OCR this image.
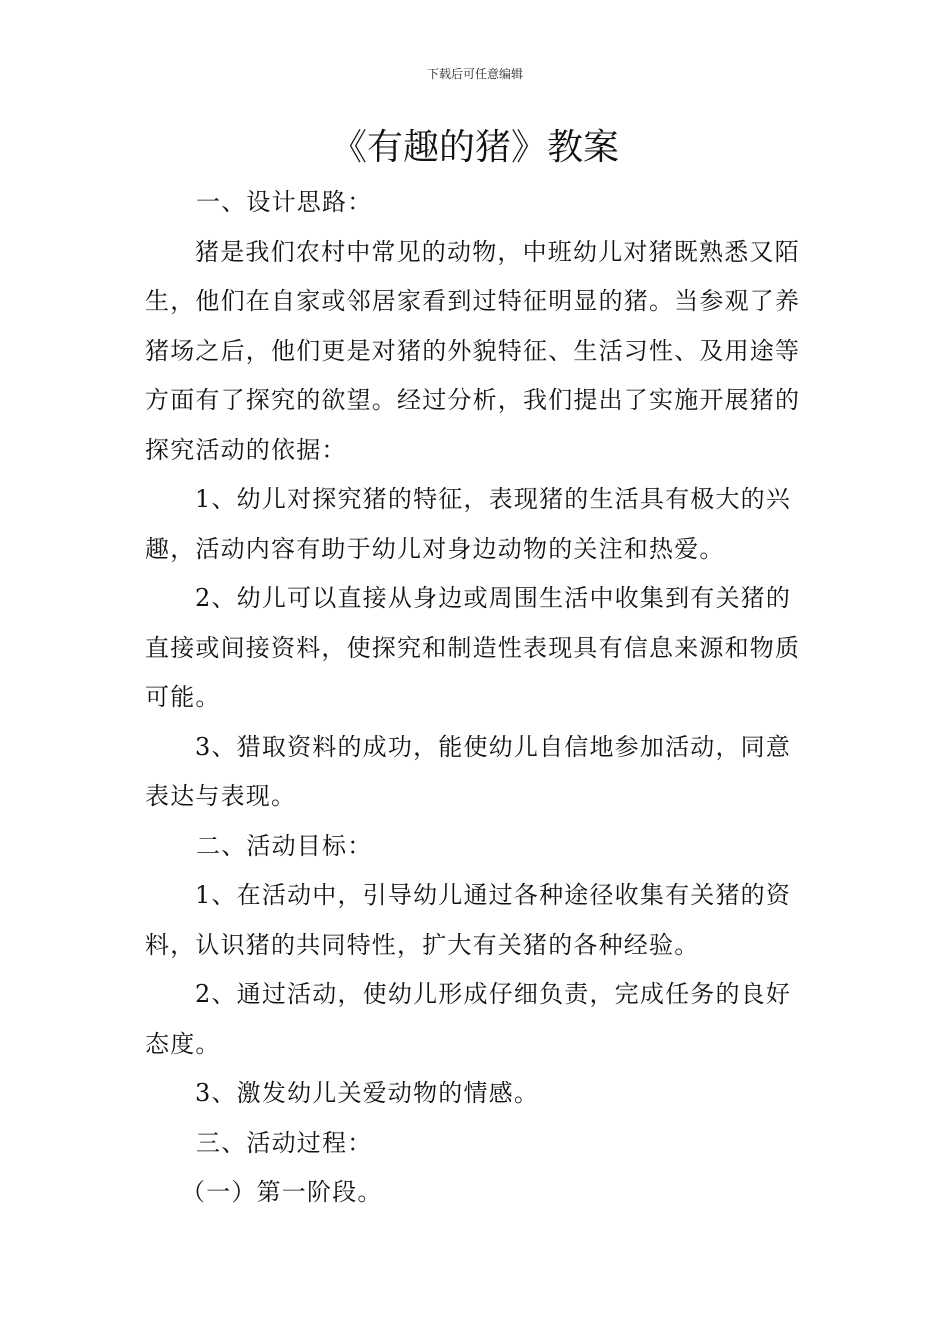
下载后可任意编辑
《有趣的猪》教案

一、设计思路：

猪是我们农村中常见的动物，中班幼儿对猪既熟悉又陌生，他们在自家或邻居家看到过特征明显的猪。当参观了养猪场之后，他们更是对猪的外貌特征、生活习性、及用途等方面有了探究的欲望。经过分析，我们提出了实施开展猪的探究活动的依据：

1、幼儿对探究猪的特征，表现猪的生活具有极大的兴趣，活动内容有助于幼儿对身边动物的关注和热爱。

2、幼儿可以直接从身边或周围生活中收集到有关猪的直接或间接资料，使探究和制造性表现具有信息来源和物质可能。

3、猎取资料的成功，能使幼儿自信地参加活动，同意表达与表现。

二、活动目标：

1、在活动中，引导幼儿通过各种途径收集有关猪的资料，认识猪的共同特性，扩大有关猪的各种经验。

2、通过活动，使幼儿形成仔细负责，完成任务的良好态度。

3、激发幼儿关爱动物的情感。

三、活动过程：

（一）第一阶段。
